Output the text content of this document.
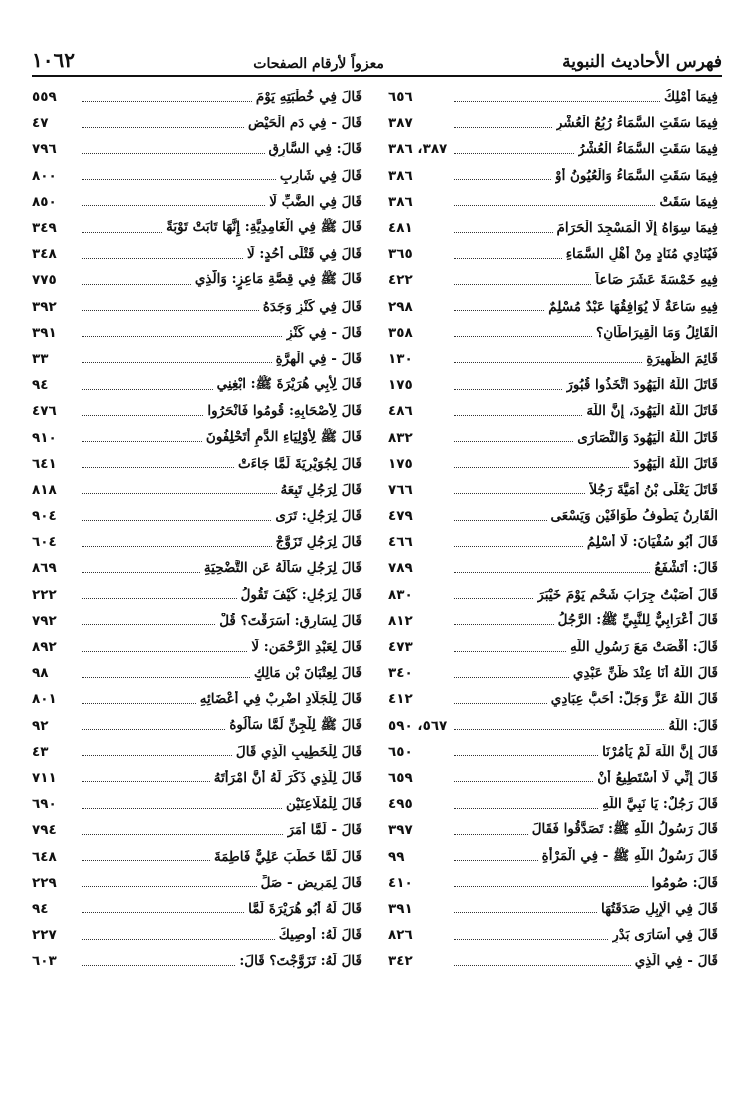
فهرس الأحاديث النبوية
معزواً لأرقام الصفحات
١٠٦٢
فِيمَا أَمْلِكُ
٦٥٦
فِيمَا سَقَتِ السَّمَاءُ رُبُعُ الْعُشْرِ
٣٨٧
فِيمَا سَقَتِ السَّمَاءُ الْعُشْرُ
٣٨٧، ٣٨٦
فِيمَا سَقَتِ السَّمَاءُ وَالْعُيُونُ أَوْ
٣٨٦
فِيمَا سَقَتْ
٣٨٦
فِيمَا سِوَاهُ إِلَّا الْمَسْجِدَ الْحَرَامَ
٤٨١
فَيُنَادِي مُنَادٍ مِنْ أَهْلِ السَّمَاءِ
٣٦٥
فِيهِ خَمْسَةَ عَشَرَ صَاعاً
٤٢٢
فِيهِ سَاعَةٌ لَا يُوَافِقُهَا عَبْدٌ مُسْلِمٌ
٢٩٨
الْقَائِلُ وَمَا الْقِيرَاطَانِ؟
٣٥٨
قَائِمَ الظَّهِيرَةِ
١٣٠
قَاتَلَ اللَّهُ الْيَهُودَ اتَّخَذُوا قُبُورَ
١٧٥
قَاتَلَ اللَّهُ الْيَهُودَ، إِنَّ اللَّهَ
٤٨٦
قَاتَلَ اللَّهُ الْيَهُودَ وَالنَّصَارَى
٨٣٢
قَاتَلَ اللَّهُ الْيَهُودَ
١٧٥
قَاتَلَ يَعْلَى بْنُ أُمَيَّةَ رَجُلاً
٧٦٦
الْقَارِنُ يَطُوفُ طَوَافَيْنِ وَيَسْعَى
٤٧٩
قَالَ أَبُو سُفْيَانَ: لَا أُسْلِمُ
٤٦٦
قَالَ: أَتَشْفَعُ
٧٨٩
قَالَ أَصَبْتُ جِرَابَ شَحْمٍ يَوْمَ خَيْبَرَ
٨٣٠
قَالَ أَعْرَابِيٌّ لِلنَّبِيِّ ﷺ: الرَّجُلُ
٨١٢
قَالَ: أَقْصَتْ مَعَ رَسُولِ اللَّهِ
٤٧٣
قَالَ اللَّهُ أَنَا عِنْدَ ظَنِّ عَبْدِي
٣٤٠
قَالَ اللَّهُ عَزَّ وَجَلَّ: أَحَبُّ عِبَادِي
٤١٢
قَالَ: اللَّهُ
٥٦٧، ٥٩٠
قَالَ إِنَّ اللَّهَ لَمْ يَأْمُرْنَا
٦٥٠
قَالَ إِنِّي لَا أَسْتَطِيعُ أَنْ
٦٥٩
قَالَ رَجُلٌ: يَا نَبِيَّ اللَّهِ
٤٩٥
قَالَ رَسُولُ اللَّهِ ﷺ: تَصَدَّقُوا فَقَالَ
٣٩٧
قَالَ رَسُولُ اللَّهِ ﷺ - فِي الْمَرْأَةِ
٩٩
قَالَ: صُومُوا
٤١٠
قَالَ فِي الْإِبِلِ صَدَقَتُهَا
٣٩١
قَالَ فِي أُسَارَى بَدْرٍ
٨٢٦
قَالَ - فِي الَّذِي
٣٤٢
قَالَ فِي خُطْبَتِهِ يَوْمَ
٥٥٩
قَالَ - فِي دَمِ الْحَيْضِ
٤٧
قَالَ: فِي السَّارِقِ
٧٩٦
قَالَ فِي شَارِبٍ
٨٠٠
قَالَ فِي الضَّبِّ لَا
٨٥٠
قَالَ ﷺ فِي الْغَامِدِيَّةِ: إِنَّهَا تَابَتْ تَوْبَةً
٣٤٩
قَالَ فِي قَتْلَى أُحُدٍ: لَا
٣٤٨
قَالَ ﷺ فِي قِصَّةِ مَاعِزٍ: وَالَّذِي
٧٧٥
قَالَ فِي كَنْزٍ وَجَدَهُ
٣٩٢
قَالَ - فِي كَنْزٍ
٣٩١
قَالَ - فِي الْهِرَّةِ
٣٣
قَالَ لِأَبِي هُرَيْرَةَ ﷺ: ابْغِنِي
٩٤
قَالَ لِأَصْحَابِهِ: قُومُوا فَانْحَرُوا
٤٧٦
قَالَ ﷺ لِأَوْلِيَاءِ الدَّمِ أَتَحْلِفُونَ
٩١٠
قَالَ لِجُوَيْرِيَةَ لَمَّا جَاءَتْ
٦٤١
قَالَ لِرَجُلٍ تَبِعَهُ
٨١٨
قَالَ لِرَجُلٍ: تَرَى
٩٠٤
قَالَ لِرَجُلٍ تَزَوَّجْ
٦٠٤
قَالَ لِرَجُلٍ سَأَلَهُ عَنِ التَّضْحِيَةِ
٨٦٩
قَالَ لِرَجُلٍ: كَيْفَ تَقُولُ
٢٢٢
قَالَ لِسَارِقٍ: أَسَرَقْتَ؟ قُلْ
٧٩٢
قَالَ لِعَبْدِ الرَّحْمَنِ: لَا
٨٩٢
قَالَ لِعِتْبَانَ بْنِ مَالِكٍ
٩٨
قَالَ لِلْجَلَّادِ اضْرِبْ فِي أَعْضَائِهِ
٨٠١
قَالَ ﷺ لِلْجِنِّ لَمَّا سَأَلُوهُ
٩٢
قَالَ لِلْخَطِيبِ الَّذِي قَالَ
٤٣
قَالَ لِلَّذِي ذَكَرَ لَهُ أَنَّ امْرَأَتَهُ
٧١١
قَالَ لِلْمُلَاعِنَيْنِ
٦٩٠
قَالَ - لَمَّا أَمَرَ
٧٩٤
قَالَ لَمَّا خَطَبَ عَلِيٌّ فَاطِمَةَ
٦٤٨
قَالَ لِمَرِيضٍ - صَلِّ
٢٢٩
قَالَ لَهُ أَبُو هُرَيْرَةَ لَمَّا
٩٤
قَالَ لَهُ: أُوصِيكَ
٢٢٧
قَالَ لَهُ: تَزَوَّجْتَ؟ قَالَ:
٦٠٣
